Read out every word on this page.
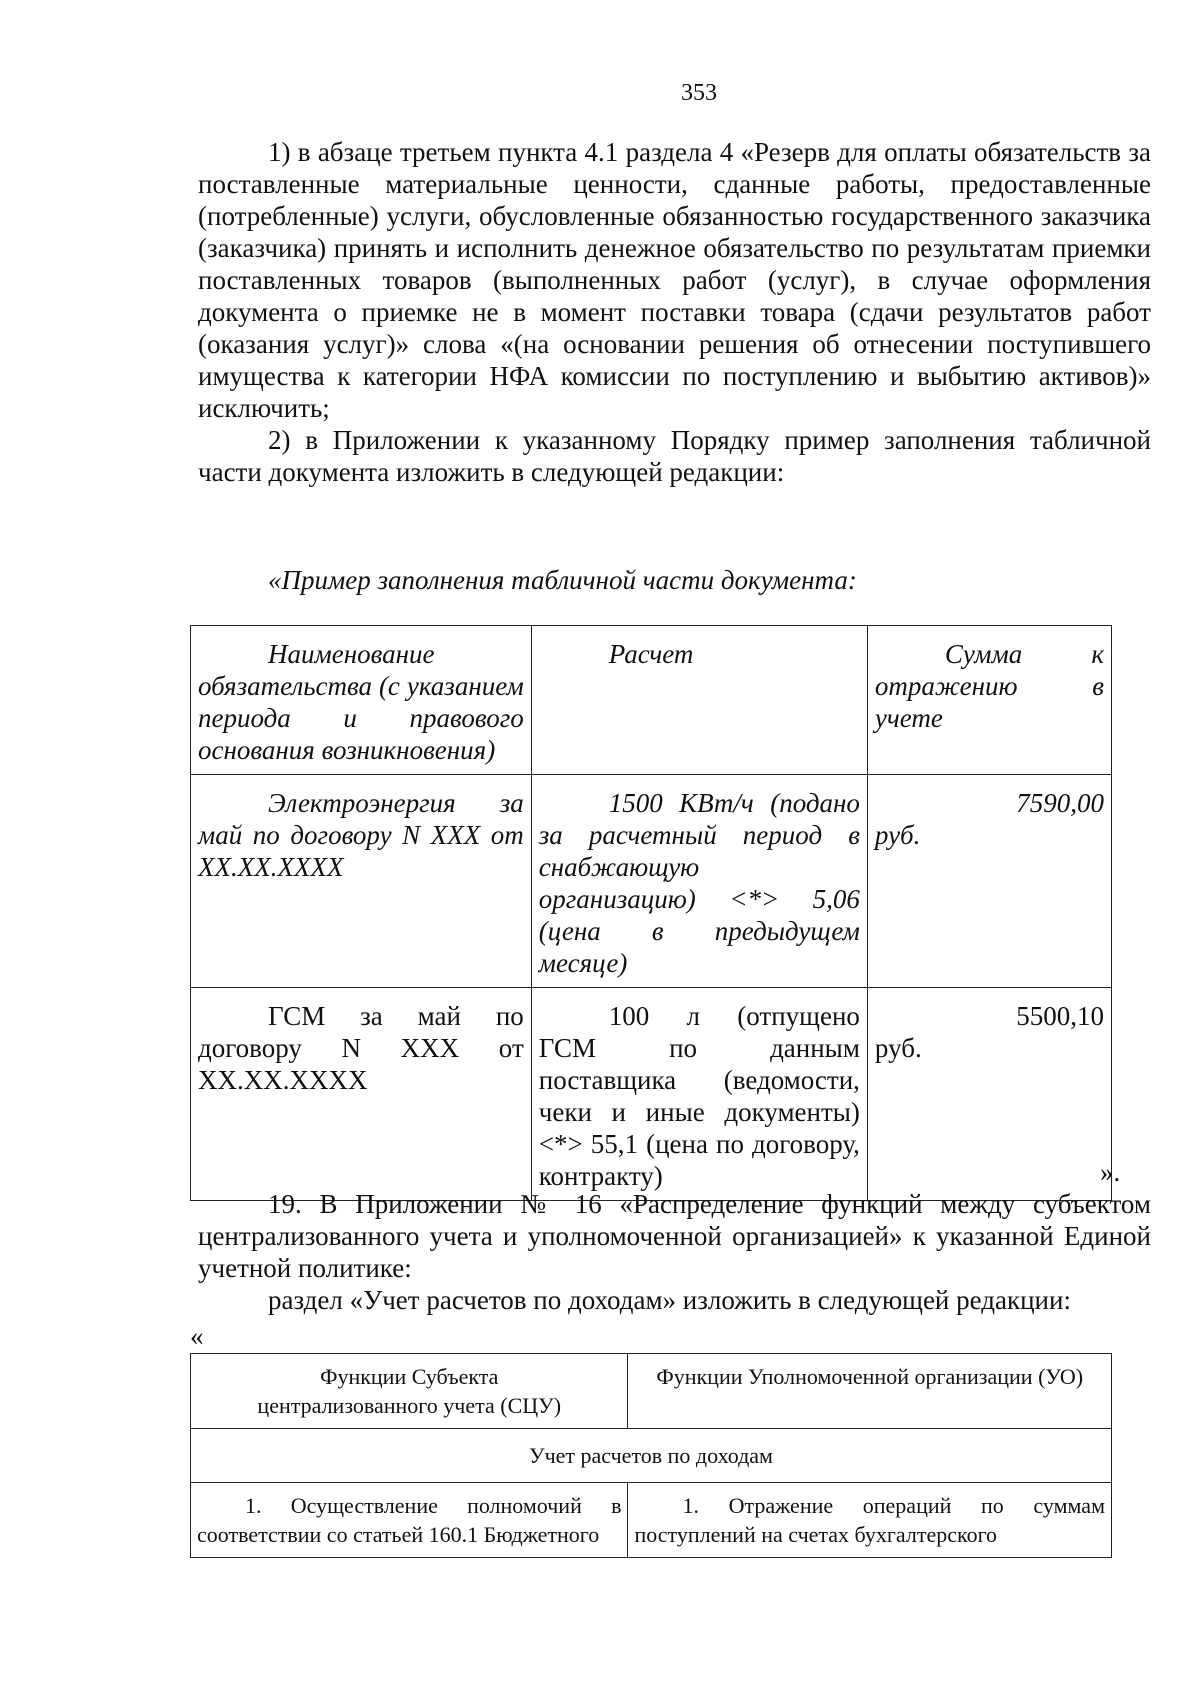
353

1) в абзаце третьем пункта 4.1 раздела 4 «Резерв для оплаты обязательств за поставленные материальные ценности, сданные работы, предоставленные (потребленные) услуги, обусловленные обязанностью государственного заказчика (заказчика) принять и исполнить денежное обязательство по результатам приемки поставленных товаров (выполненных работ (услуг), в случае оформления документа о приемке не в момент поставки товара (сдачи результатов работ (оказания услуг)» слова «(на основании решения об отнесении поступившего имущества к категории НФА комиссии по поступлению и выбытию активов)» исключить;

2) в Приложении к указанному Порядку пример заполнения табличной части документа изложить в следующей редакции:

«Пример заполнения табличной части документа:
Наименование обязательства (с указанием периода и правового основания возникновения)	Расчет	Сумма к отражению в учете
Электроэнергия за май по договору N XXX от XX.XX.XXXX	1500 КВт/ч (подано за расчетный период в снабжающую организацию) <*> 5,06 (цена в предыдущем месяце)	7590,00
руб.

ГСМ за май по договору N XXX от XX.XX.XXXX	100 л (отпущено ГСМ по данным поставщика (ведомости, чеки и иные документы) <*> 55,1 (цена по договору, контракту)	5500,10
руб.
».

19. В Приложении № 16 «Распределение функций между субъектом централизованного учета и уполномоченной организацией» к указанной Единой учетной политике:

раздел «Учет расчетов по доходам» изложить в следующей редакции:

«
Функции Субъекта централизованного учета (СЦУ)	Функции Уполномоченной организации (УО)
Учет расчетов по доходам	
1. Осуществление полномочий в соответствии со статьей 160.1 Бюджетного	1. Отражение операций по суммам поступлений на счетах бухгалтерского
